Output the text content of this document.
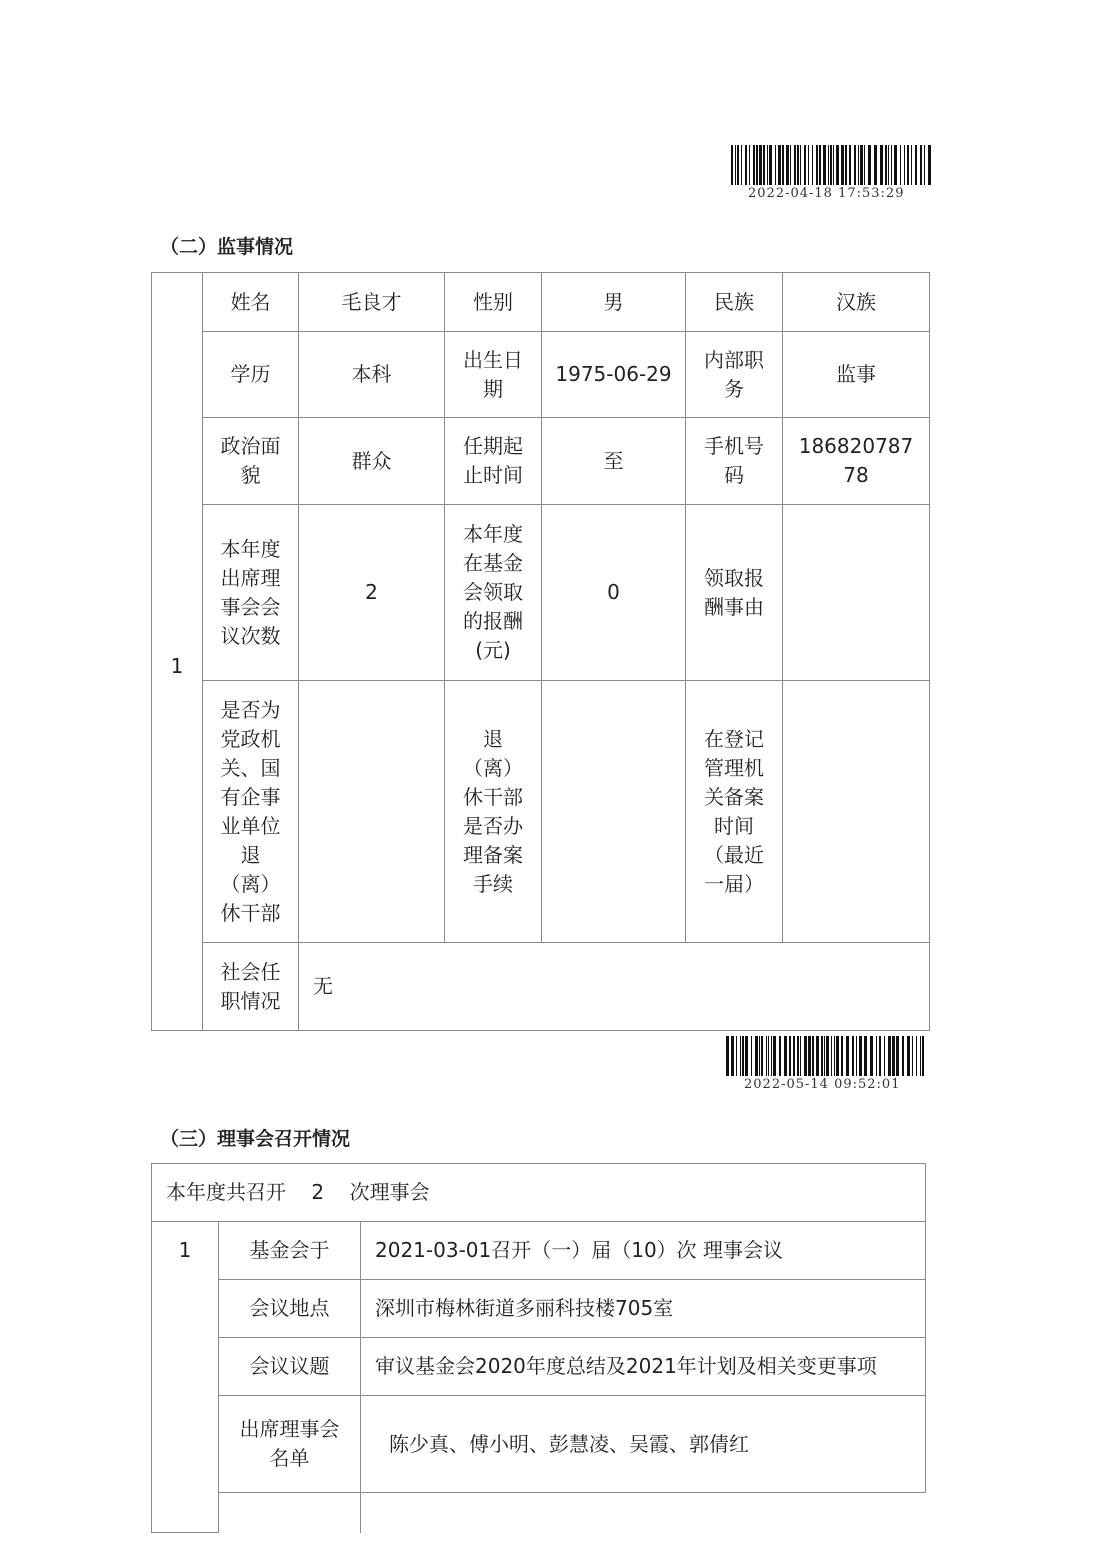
2022-04-18 17:53:29
（二）监事情况
1	姓名	毛良才	性别	男	民族	汉族
	学历	本科	出生日期	1975-06-29	内部职务	监事
	政治面貌	群众	任期起止时间	至	手机号码	18682078778
	本年度出席理事会会议次数	2	本年度在基金会领取的报酬(元)	0	领取报酬事由	
	是否为党政机关、国有企事业单位退（离）休干部		退（离）休干部是否办理备案手续		在登记管理机关备案时间（最近一届）	
	社会任职情况	无				
2022-05-14 09:52:01
（三）理事会召开情况
本年度共召开    2    次理事会		
1	基金会于	2021-03-01召开（一）届（10）次 理事会议
	会议地点	深圳市梅林街道多丽科技楼705室
	会议议题	审议基金会2020年度总结及2021年计划及相关变更事项
	出席理事会名单	陈少真、傅小明、彭慧凌、吴霞、郭倩红
